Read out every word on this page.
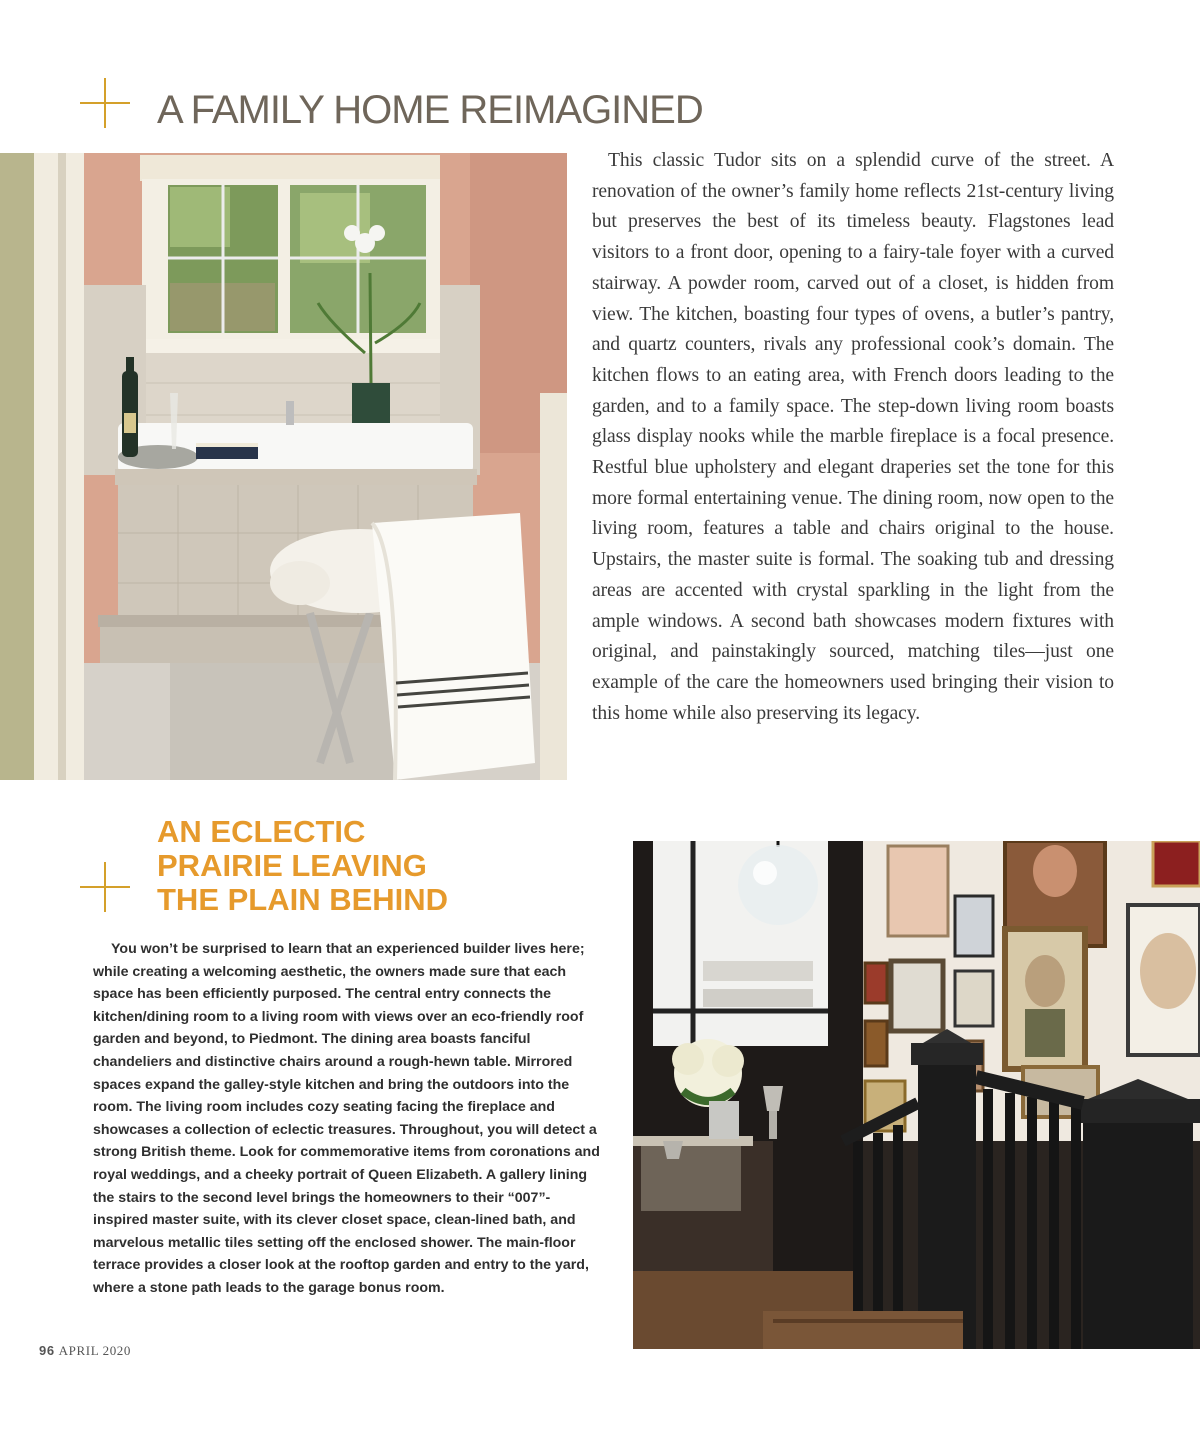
A FAMILY HOME REIMAGINED

This classic Tudor sits on a splendid curve of the street. A renovation of the owner’s family home reflects 21st-century living but preserves the best of its timeless beauty. Flagstones lead visitors to a front door, opening to a fairy-tale foyer with a curved stairway. A powder room, carved out of a closet, is hidden from view. The kitchen, boasting four types of ovens, a butler’s pantry, and quartz counters, rivals any professional cook’s domain. The kitchen flows to an eating area, with French doors leading to the garden, and to a family space. The step-down living room boasts glass display nooks while the marble fireplace is a focal presence. Restful blue upholstery and elegant draperies set the tone for this more formal entertaining venue. The dining room, now open to the living room, features a table and chairs original to the house. Upstairs, the master suite is formal. The soaking tub and dressing areas are accented with crystal sparkling in the light from the ample windows. A second bath showcases modern fixtures with original, and painstakingly sourced, matching tiles—just one example of the care the homeowners used bringing their vision to this home while also preserving its legacy.

AN ECLECTIC
PRAIRIE LEAVING
THE PLAIN BEHIND

You won’t be surprised to learn that an experienced builder lives here; while creating a welcoming aesthetic, the owners made sure that each space has been efficiently purposed. The central entry connects the kitchen/dining room to a living room with views over an eco-friendly roof garden and beyond, to Piedmont. The dining area boasts fanciful chandeliers and distinctive chairs around a rough-hewn table. Mirrored spaces expand the galley-style kitchen and bring the outdoors into the room. The living room includes cozy seating facing the fireplace and showcases a collection of eclectic treasures. Throughout, you will detect a strong British theme. Look for commemorative items from coronations and royal weddings, and a cheeky portrait of Queen Elizabeth. A gallery lining the stairs to the second level brings the homeowners to their “007”-inspired master suite, with its clever closet space, clean-lined bath, and marvelous metallic tiles setting off the enclosed shower. The main-floor terrace provides a closer look at the rooftop garden and entry to the yard, where a stone path leads to the garage bonus room.

96 APRIL 2020
